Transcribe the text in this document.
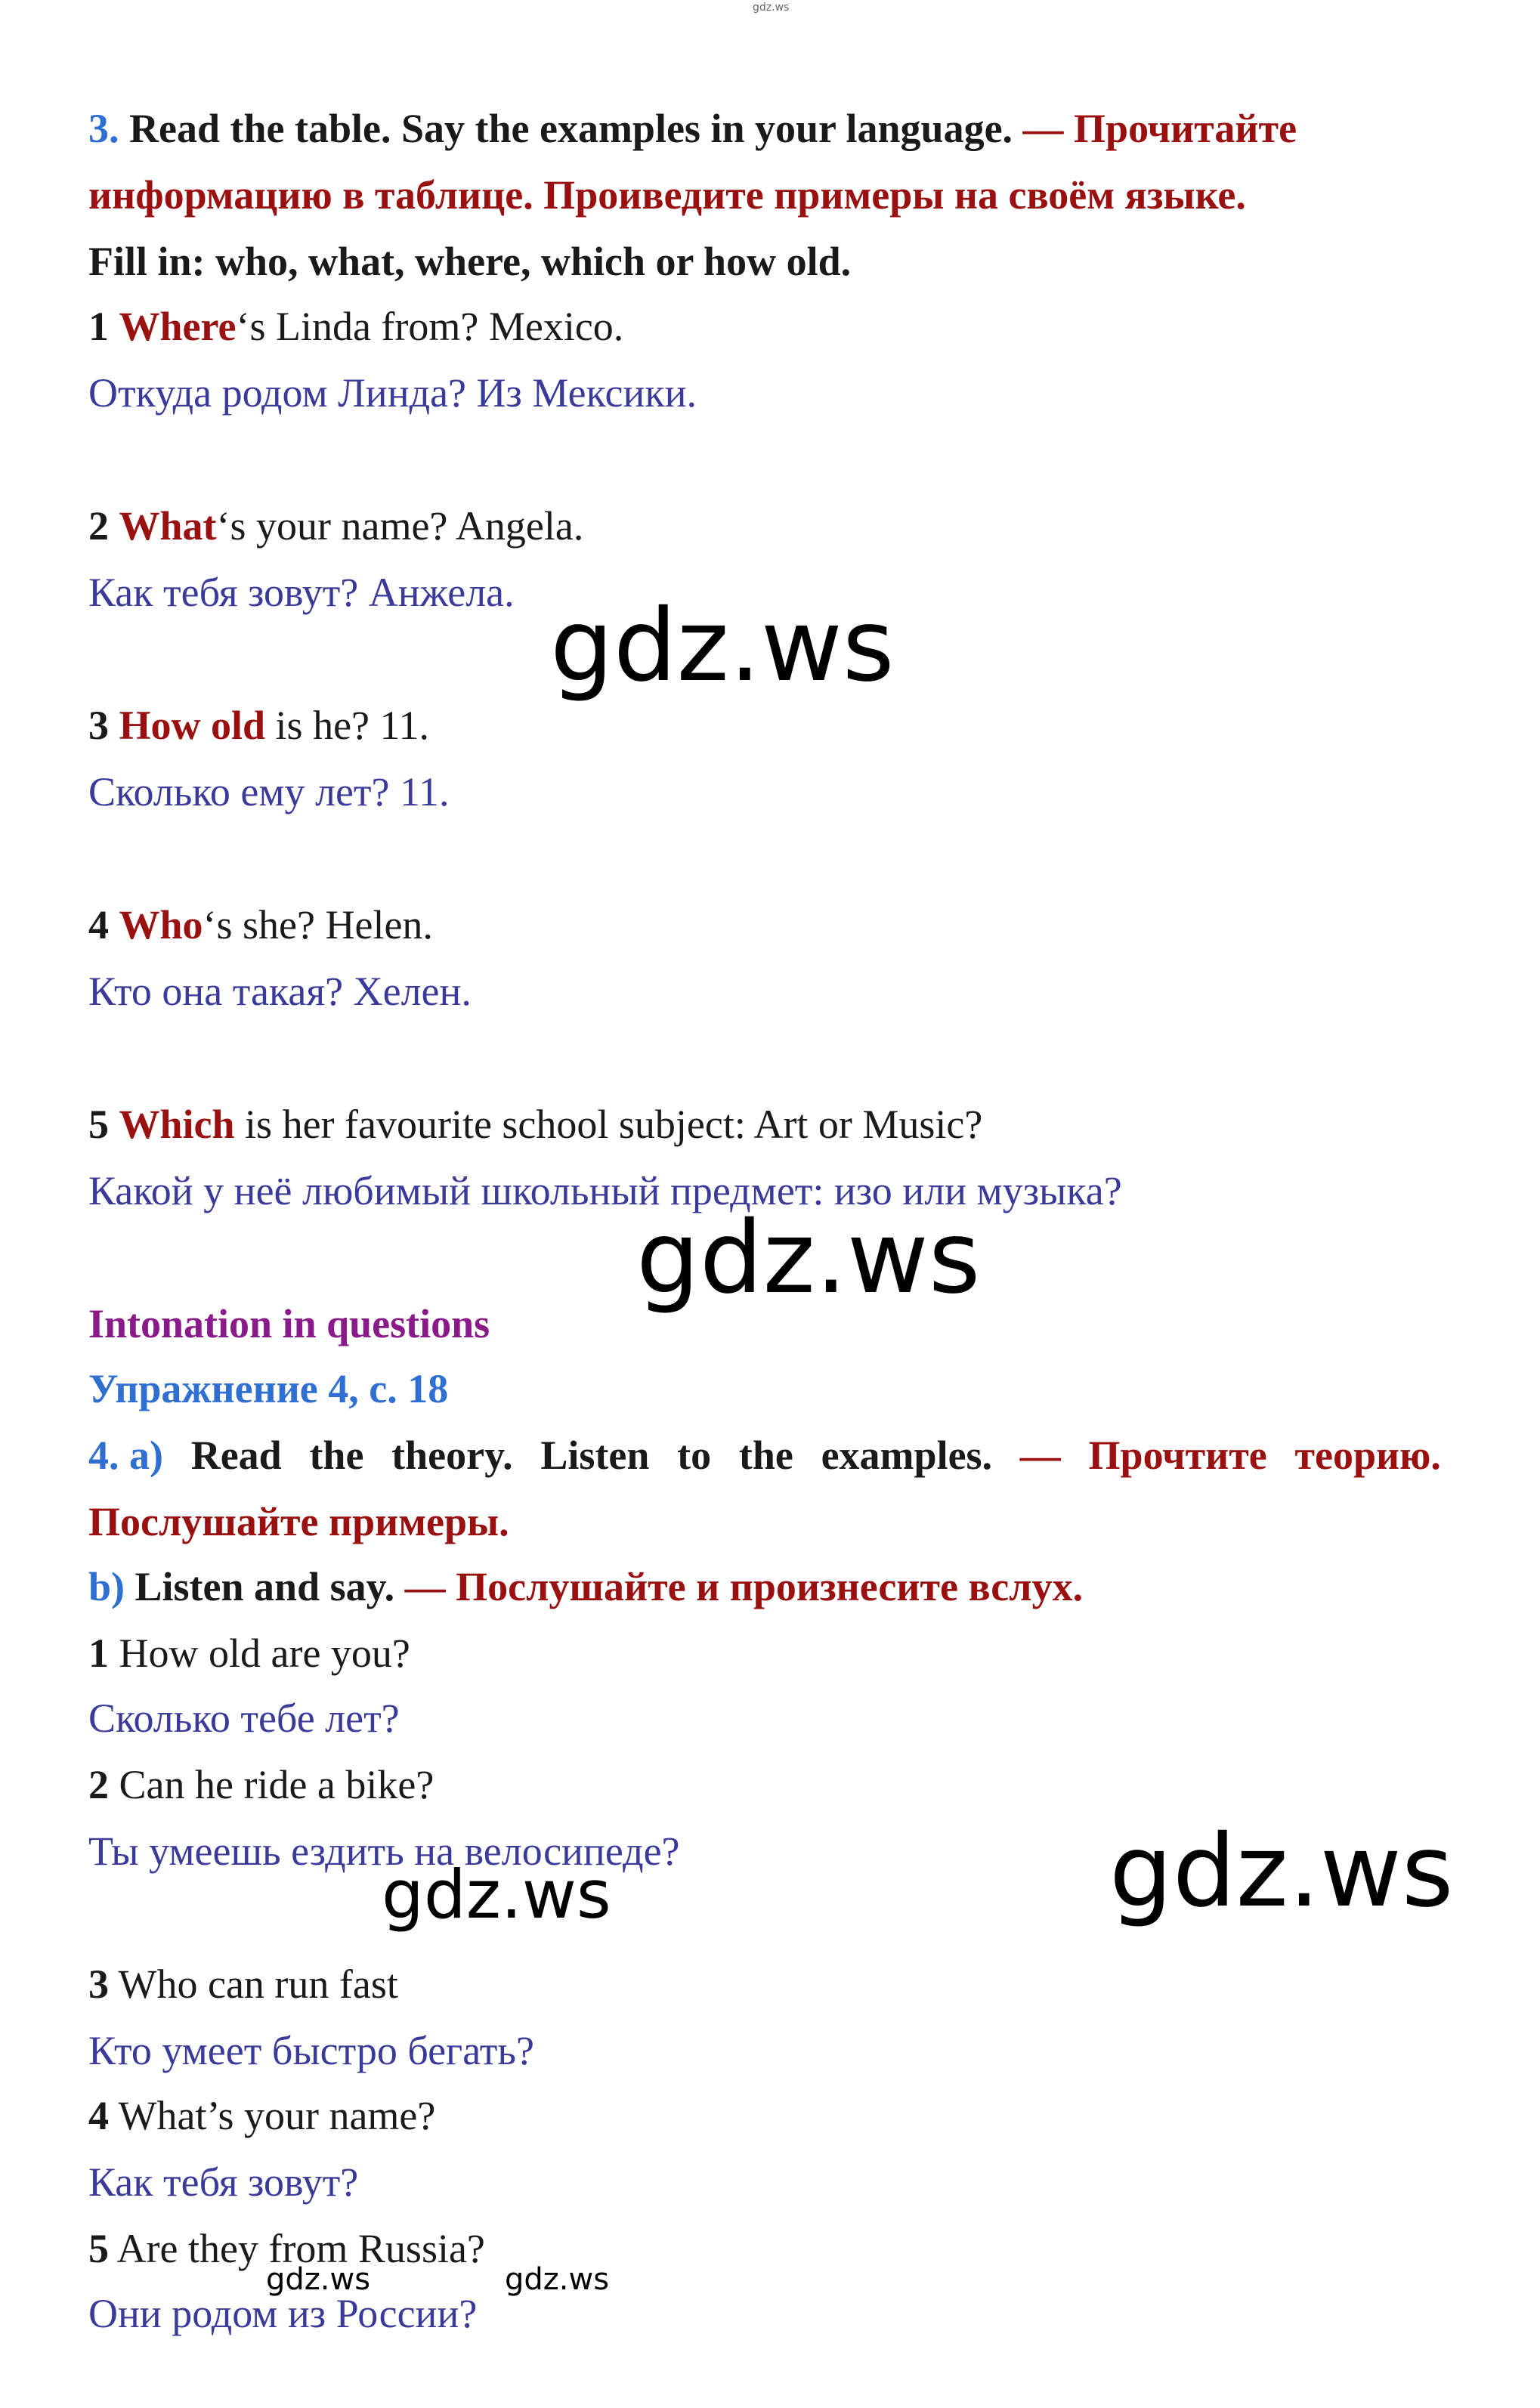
gdz.ws
3. Read the table. Say the examples in your language. — Прочитайте
информацию в таблице. Проиведите примеры на своём языке.
Fill in: who, what, where, which or how old.
1 Where‘s Linda from? Mexico.
Откуда родом Линда? Из Мексики.
2 What‘s your name? Angela.
Как тебя зовут? Анжела.
3 How old is he? 11.
Сколько ему лет? 11.
4 Who‘s she? Helen.
Кто она такая? Хелен.
5 Which is her favourite school subject: Art or Music?
Какой у неё любимый школьный предмет: изо или музыка?
Intonation in questions
Упражнение 4, с. 18
4. a) Read the theory. Listen to the examples. — Прочтите теорию.
Послушайте примеры.
b) Listen and say. — Послушайте и произнесите вслух.
1 How old are you?
Сколько тебе лет?
2 Can he ride a bike?
Ты умеешь ездить на велосипеде?
3 Who can run fast
Кто умеет быстро бегать?
4 What’s your name?
Как тебя зовут?
5 Are they from Russia?
Они родом из России?
gdz.ws
gdz.ws
gdz.ws
gdz.ws
gdz.ws	gdz.ws
